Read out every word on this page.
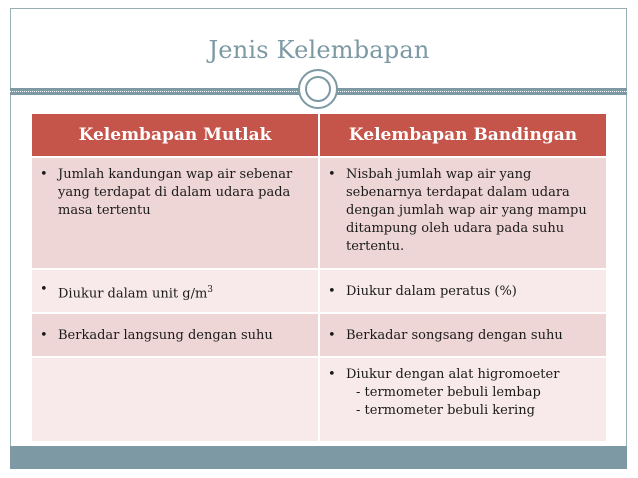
Jenis Kelembapan
Kelembapan Mutlak	Kelembapan Bandingan

• Jumlah kandungan wap air sebenar yang terdapat di dalam udara pada masa tertentu	• Nisbah jumlah wap air yang sebenarnya terdapat dalam udara dengan jumlah wap air yang mampu ditampung oleh udara pada suhu tertentu.

• Diukur dalam unit $g/m^3$	• Diukur dalam peratus (%)

• Berkadar langsung dengan suhu	• Berkadar songsang dengan suhu

	• Diukur dengan alat higromoeter
- termometer bebuli lembap
- termometer bebuli kering
